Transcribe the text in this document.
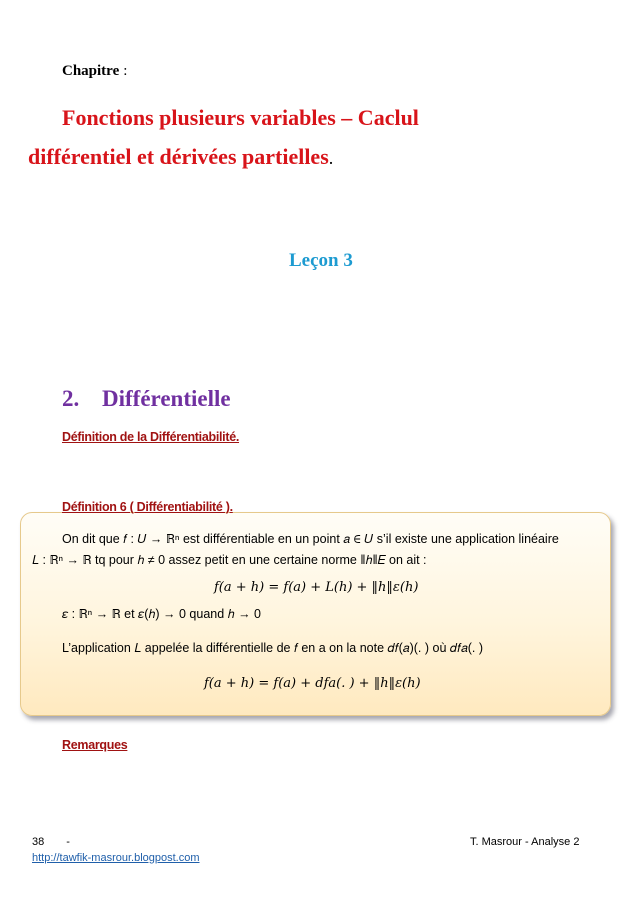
Chapitre :
Fonctions plusieurs variables – Caclul
différentiel et dérivées partielles.
Leçon 3
2. Différentielle
Définition de la Différentiabilité.
Définition 6 ( Différentiabilité ).
On dit que 𝑓 : 𝑈 → ℝⁿ est différentiable en un point 𝑎 ∈ 𝑈 s’il existe une application linéaire
𝐿 : ℝⁿ → ℝ tq pour ℎ ≠ 0 assez petit en une certaine norme ‖ℎ‖𝐸 on ait :
𝑓(𝑎 + ℎ) = 𝑓(𝑎) + 𝐿(ℎ) + ‖ℎ‖𝜀(ℎ)
𝜀 : ℝⁿ → ℝ et 𝜀(ℎ) → 0 quand ℎ → 0
L’application 𝐿 appelée la différentielle de 𝑓 en a on la note 𝑑𝑓(𝑎)(. ) où 𝑑𝑓𝑎(. )
𝑓(𝑎 + ℎ) = 𝑓(𝑎) + 𝑑𝑓𝑎(. ) + ‖ℎ‖𝜀(ℎ)
Remarques
38 -	T. Masrour - Analyse 2
http://tawfik-masrour.blogpost.com
